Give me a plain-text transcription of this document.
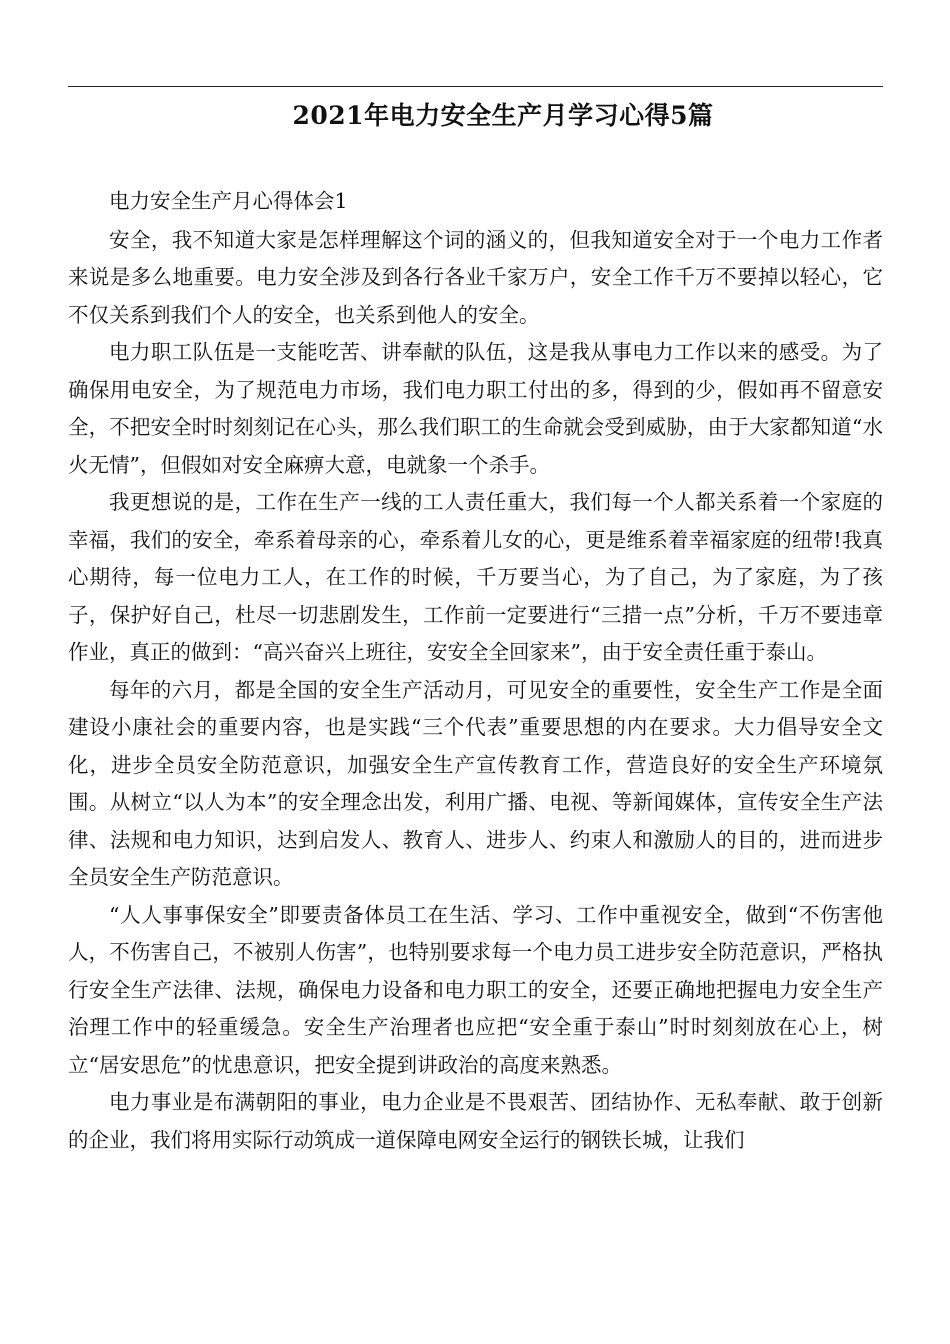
2021年电力安全生产月学习心得5篇

电力安全生产月心得体会1

安全，我不知道大家是怎样理解这个词的涵义的，但我知道安全对于一个电力工作者来说是多么地重要。电力安全涉及到各行各业千家万户，安全工作千万不要掉以轻心，它不仅关系到我们个人的安全，也关系到他人的安全。

电力职工队伍是一支能吃苦、讲奉献的队伍，这是我从事电力工作以来的感受。为了确保用电安全，为了规范电力市场，我们电力职工付出的多，得到的少，假如再不留意安全，不把安全时时刻刻记在心头，那么我们职工的生命就会受到威胁，由于大家都知道“水火无情”，但假如对安全麻痹大意，电就象一个杀手。

我更想说的是，工作在生产一线的工人责任重大，我们每一个人都关系着一个家庭的幸福，我们的安全，牵系着母亲的心，牵系着儿女的心，更是维系着幸福家庭的纽带!我真心期待，每一位电力工人，在工作的时候，千万要当心，为了自己，为了家庭，为了孩子，保护好自己，杜尽一切悲剧发生，工作前一定要进行“三措一点”分析，千万不要违章作业，真正的做到：“高兴奋兴上班往，安安全全回家来”，由于安全责任重于泰山。

每年的六月，都是全国的安全生产活动月，可见安全的重要性，安全生产工作是全面建设小康社会的重要内容，也是实践“三个代表”重要思想的内在要求。大力倡导安全文化，进步全员安全防范意识，加强安全生产宣传教育工作，营造良好的安全生产环境氛围。从树立“以人为本”的安全理念出发，利用广播、电视、等新闻媒体，宣传安全生产法律、法规和电力知识，达到启发人、教育人、进步人、约束人和激励人的目的，进而进步全员安全生产防范意识。

“人人事事保安全”即要责备体员工在生活、学习、工作中重视安全，做到“不伤害他人，不伤害自己，不被别人伤害”，也特别要求每一个电力员工进步安全防范意识，严格执行安全生产法律、法规，确保电力设备和电力职工的安全，还要正确地把握电力安全生产治理工作中的轻重缓急。安全生产治理者也应把“安全重于泰山”时时刻刻放在心上，树立“居安思危”的忧患意识，把安全提到讲政治的高度来熟悉。

电力事业是布满朝阳的事业，电力企业是不畏艰苦、团结协作、无私奉献、敢于创新的企业，我们将用实际行动筑成一道保障电网安全运行的钢铁长城，让我们
